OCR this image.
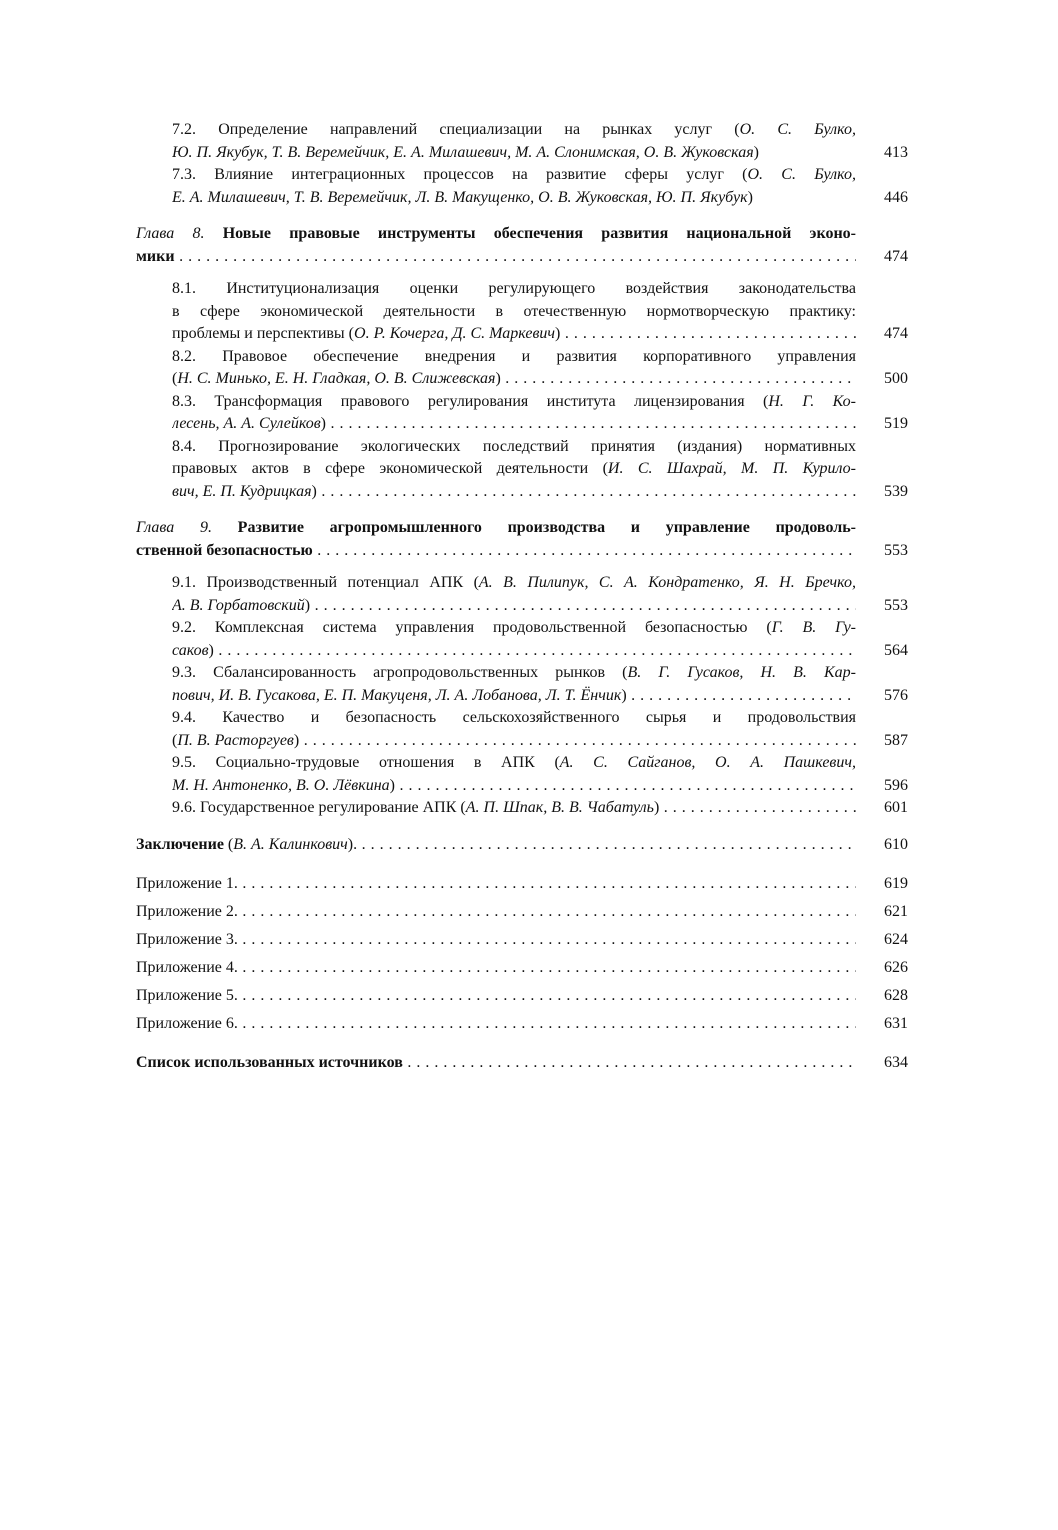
7.2. Определение направлений специализации на рынках услуг (О. С. Булко,
Ю. П. Якубук, Т. В. Веремейчик, Е. А. Милашевич, М. А. Слонимская, О. В. Жуковская)	413
7.3. Влияние интеграционных процессов на развитие сферы услуг (О. С. Булко,
Е. А. Милашевич, Т. В. Веремейчик, Л. В. Макущенко, О. В. Жуковская, Ю. П. Якубук)	446
Глава 8. Новые правовые инструменты обеспечения развития национальной эконо-
мики . . .	474
8.1. Институционализация оценки регулирующего воздействия законодательства
в сфере экономической деятельности в отечественную нормотворческую практику:
проблемы и перспективы (О. Р. Кочерга, Д. С. Маркевич) . . .	474
8.2. Правовое обеспечение внедрения и развития корпоративного управления
(Н. С. Минько, Е. Н. Гладкая, О. В. Слижевская) . . .	500
8.3. Трансформация правового регулирования института лицензирования (Н. Г. Ко-
лесень, А. А. Сулейков) . . .	519
8.4. Прогнозирование экологических последствий принятия (издания) нормативных
правовых актов в сфере экономической деятельности (И. С. Шахрай, М. П. Курило-
вич, Е. П. Кудрицкая) . . .	539
Глава 9. Развитие агропромышленного производства и управление продоволь-
ственной безопасностью . . .	553
9.1. Производственный потенциал АПК (А. В. Пилипук, С. А. Кондратенко, Я. Н. Бречко,
А. В. Горбатовский) . . .	553
9.2. Комплексная система управления продовольственной безопасностью (Г. В. Гу-
саков) . . .	564
9.3. Сбалансированность агропродовольственных рынков (В. Г. Гусаков, Н. В. Кар-
пович, И. В. Гусакова, Е. П. Макуценя, Л. А. Лобанова, Л. Т. Ёнчик) . . .	576
9.4. Качество и безопасность сельскохозяйственного сырья и продовольствия
(П. В. Расторгуев) . . .	587
9.5. Социально-трудовые отношения в АПК (А. С. Сайганов, О. А. Пашкевич,
М. Н. Антоненко, В. О. Лёвкина) . . .	596
9.6. Государственное регулирование АПК (А. П. Шпак, В. В. Чабатуль) . . .	601
Заключение (В. А. Калинкович). . . .	610
Приложение 1. . . .	619
Приложение 2. . . .	621
Приложение 3. . . .	624
Приложение 4. . . .	626
Приложение 5. . . .	628
Приложение 6. . . .	631
Список использованных источников . . .	634
